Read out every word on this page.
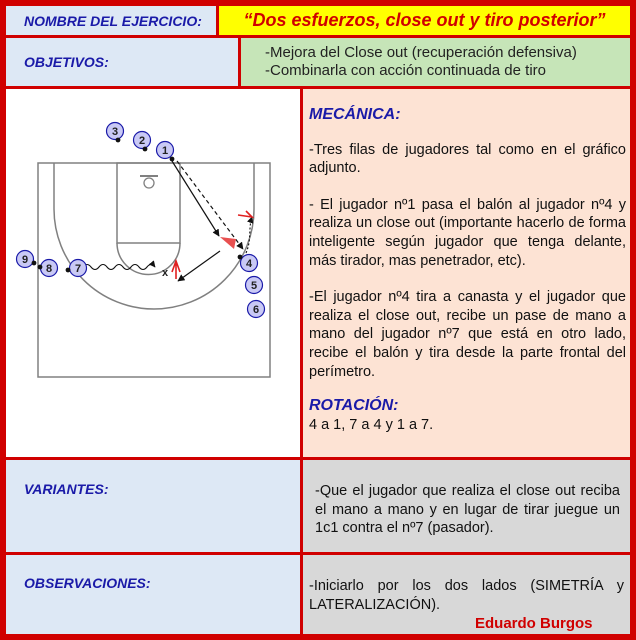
NOMBRE DEL EJERCICIO:	“Dos esfuerzos, close out y tiro posterior”
OBJETIVOS:

-Mejora del Close out (recuperación defensiva)

-Combinarla con acción continuada de tiro

x
3
2
1
4
5
6
7
8
9
MECÁNICA:

-Tres filas de jugadores tal como en el gráfico adjunto.

- El jugador nº1 pasa el balón al jugador nº4 y realiza un close out (importante hacerlo de forma inteligente según jugador que tenga delante, más tirador, mas penetrador, etc).

-El jugador nº4 tira a canasta y el jugador que realiza el close out, recibe un pase de mano a mano del jugador nº7 que está en otro lado, recibe el balón y tira desde la parte frontal del perímetro.

ROTACIÓN:

4 a 1, 7 a 4 y 1 a 7.

VARIANTES:	-Que el jugador que realiza el close out reciba el mano a mano y en lugar de tirar juegue un 1c1 contra el nº7 (pasador).

OBSERVACIONES:	-Iniciarlo por los dos lados (SIMETRÍA y LATERALIZACIÓN).

Eduardo Burgos
